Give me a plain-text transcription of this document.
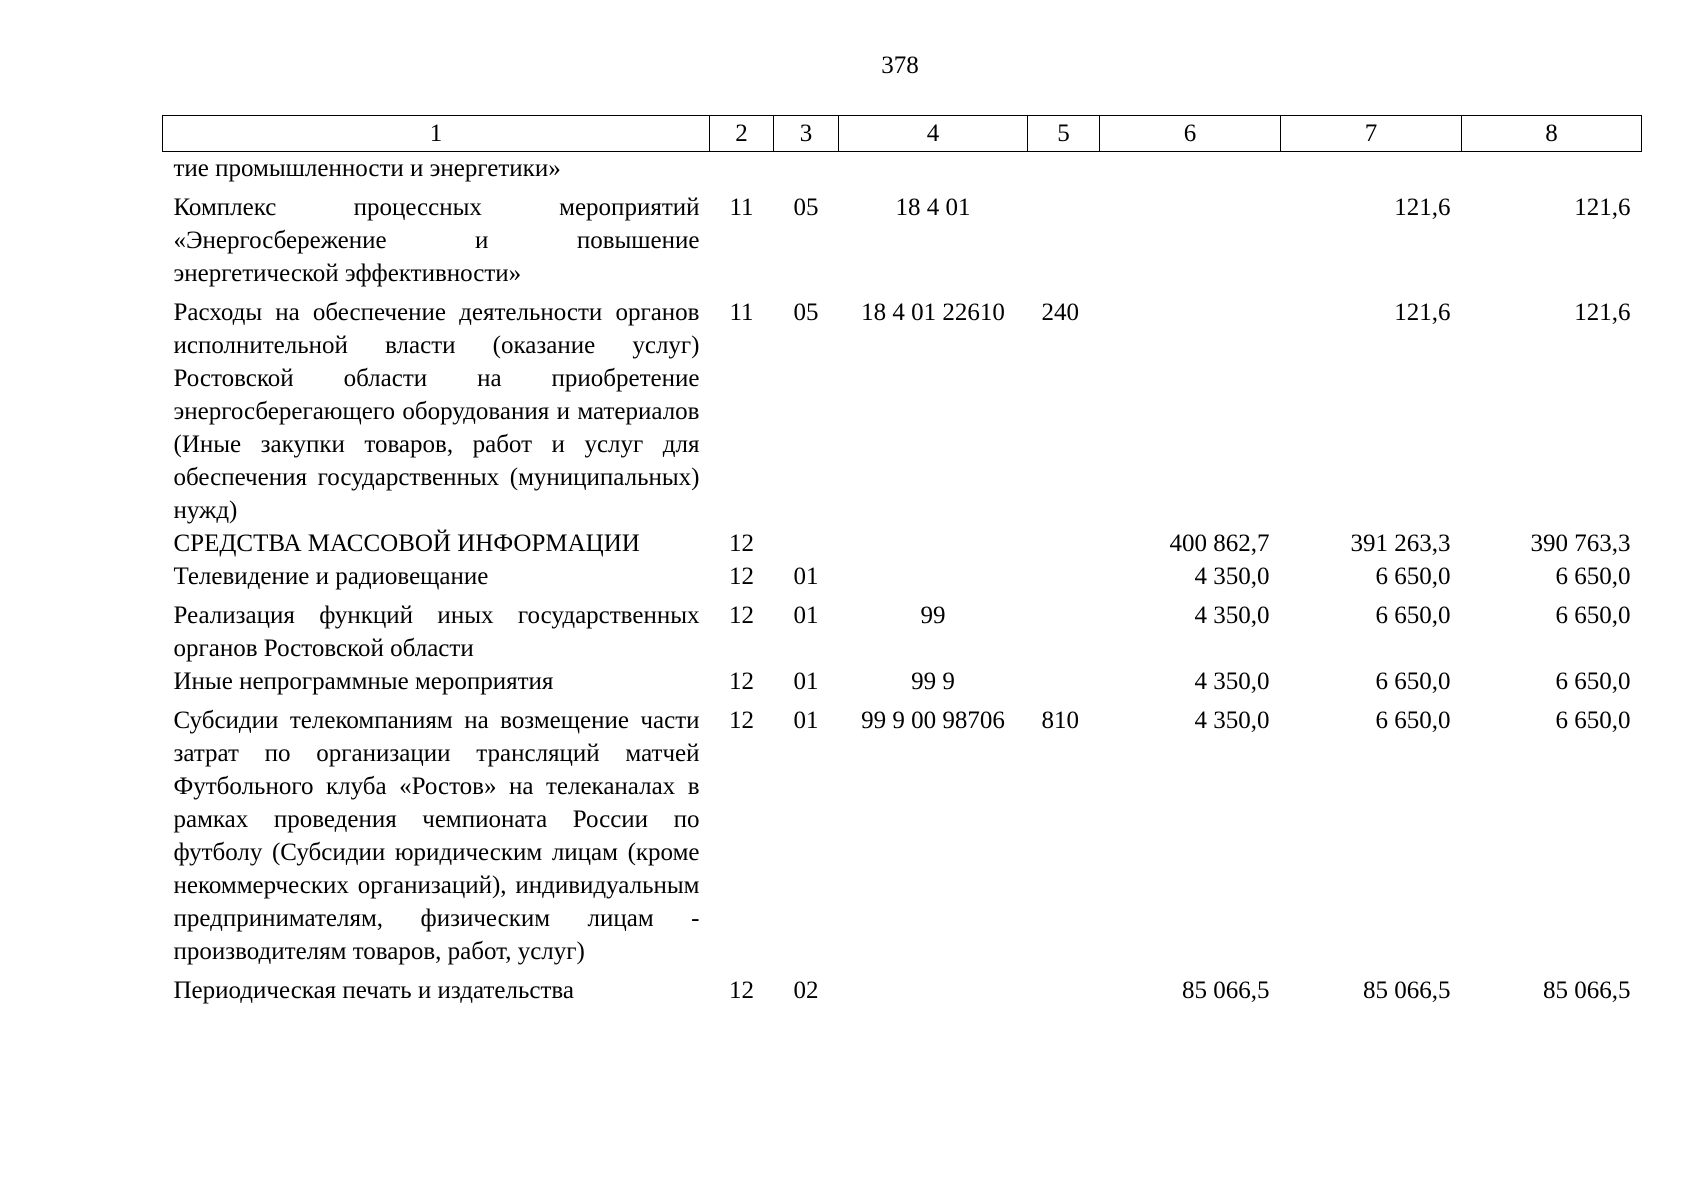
378
1	2	3	4	5	6	7	8
тие промышленности и энергетики»							
Комплекс процессных мероприятий «Энергосбережение и повышение энергетической эффективности»	11	05	18 4 01			121,6	121,6
Расходы на обеспечение деятельности органов исполнительной власти (оказание услуг) Ростовской области на приобретение энергосберегающего оборудования и материалов (Иные закупки товаров, работ и услуг для обеспечения государственных (муниципальных) нужд)	11	05	18 4 01 22610	240		121,6	121,6
СРЕДСТВА МАССОВОЙ ИНФОРМАЦИИ	12				400 862,7	391 263,3	390 763,3
Телевидение и радиовещание	12	01			4 350,0	6 650,0	6 650,0
Реализация функций иных государственных органов Ростовской области	12	01	99		4 350,0	6 650,0	6 650,0
Иные непрограммные мероприятия	12	01	99 9		4 350,0	6 650,0	6 650,0
Субсидии телекомпаниям на возмещение части затрат по организации трансляций матчей Футбольного клуба «Ростов» на телеканалах в рамках проведения чемпионата России по футболу (Субсидии юридическим лицам (кроме некоммерческих организаций), индивидуальным предпринимателям, физическим лицам - производителям товаров, работ, услуг)	12	01	99 9 00 98706	810	4 350,0	6 650,0	6 650,0
Периодическая печать и издательства	12	02			85 066,5	85 066,5	85 066,5
